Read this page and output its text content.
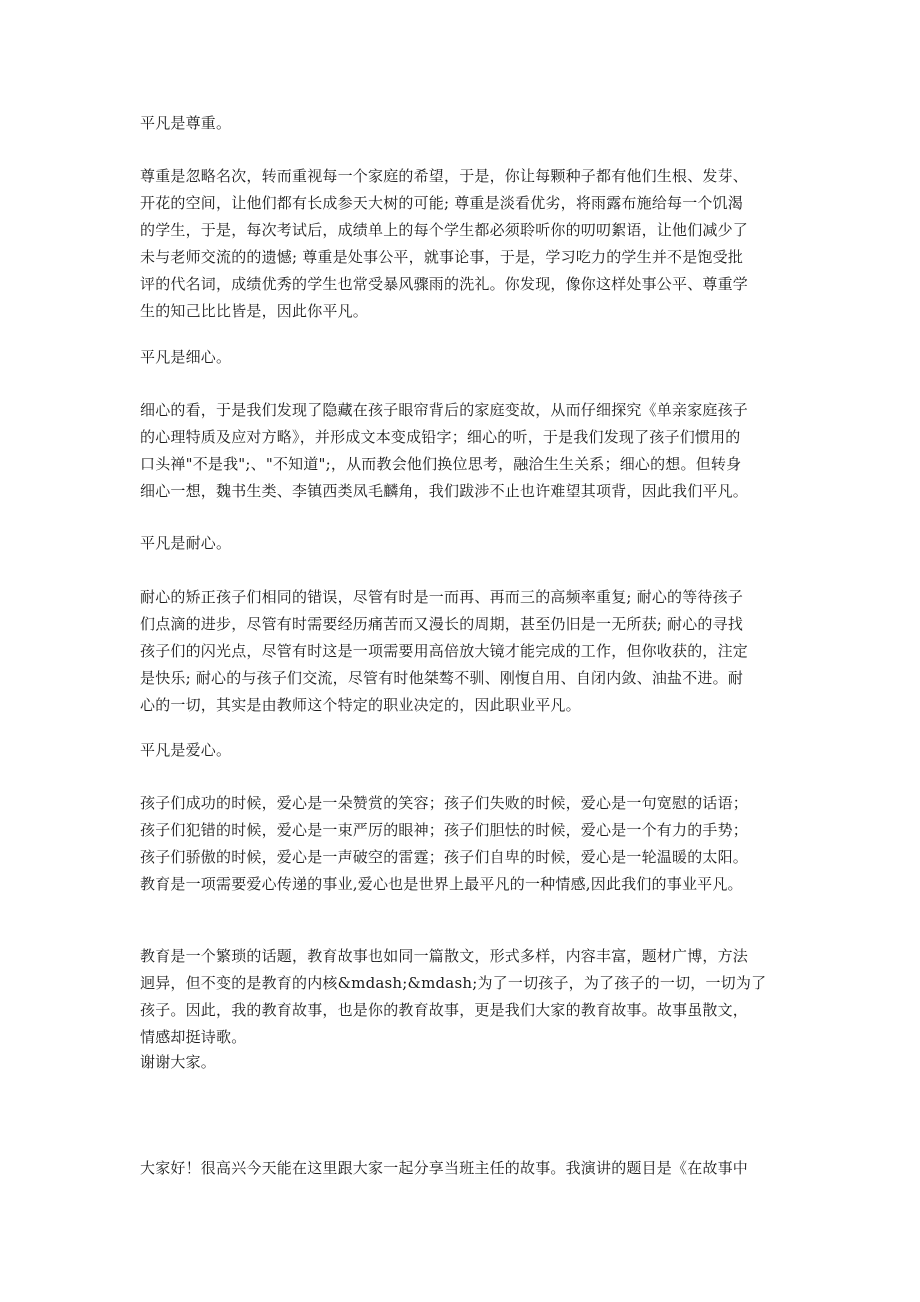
平凡是尊重。

尊重是忽略名次，转而重视每一个家庭的希望，于是，你让每颗种子都有他们生根、发芽、
开花的空间，让他们都有长成参天大树的可能; 尊重是淡看优劣，将雨露布施给每一个饥渴
的学生，于是，每次考试后，成绩单上的每个学生都必须聆听你的叨叨絮语，让他们减少了
未与老师交流的的遗憾; 尊重是处事公平，就事论事，于是，学习吃力的学生并不是饱受批
评的代名词，成绩优秀的学生也常受暴风骤雨的洗礼。你发现，像你这样处事公平、尊重学
生的知己比比皆是，因此你平凡。

平凡是细心。

细心的看，于是我们发现了隐藏在孩子眼帘背后的家庭变故，从而仔细探究《单亲家庭孩子
的心理特质及应对方略》，并形成文本变成铅字；细心的听，于是我们发现了孩子们惯用的
口头禅"不是我";、"不知道";，从而教会他们换位思考，融洽生生关系；细心的想。但转身
细心一想，魏书生类、李镇西类凤毛麟角，我们跋涉不止也许难望其项背，因此我们平凡。

平凡是耐心。

耐心的矫正孩子们相同的错误，尽管有时是一而再、再而三的高频率重复; 耐心的等待孩子
们点滴的进步，尽管有时需要经历痛苦而又漫长的周期，甚至仍旧是一无所获; 耐心的寻找
孩子们的闪光点，尽管有时这是一项需要用高倍放大镜才能完成的工作，但你收获的，注定
是快乐; 耐心的与孩子们交流，尽管有时他桀骜不驯、刚愎自用、自闭内敛、油盐不进。耐
心的一切，其实是由教师这个特定的职业决定的，因此职业平凡。

平凡是爱心。

孩子们成功的时候，爱心是一朵赞赏的笑容；孩子们失败的时候，爱心是一句宽慰的话语；
孩子们犯错的时候，爱心是一束严厉的眼神；孩子们胆怯的时候，爱心是一个有力的手势；
孩子们骄傲的时候，爱心是一声破空的雷霆；孩子们自卑的时候，爱心是一轮温暖的太阳。
教育是一项需要爱心传递的事业,爱心也是世界上最平凡的一种情感,因此我们的事业平凡。

教育是一个繁琐的话题，教育故事也如同一篇散文，形式多样，内容丰富，题材广博，方法
迥异，但不变的是教育的内核&mdash;&mdash;为了一切孩子，为了孩子的一切，一切为了
孩子。因此，我的教育故事，也是你的教育故事，更是我们大家的教育故事。故事虽散文，
情感却挺诗歌。

谢谢大家。

大家好！很高兴今天能在这里跟大家一起分享当班主任的故事。我演讲的题目是《在故事中
